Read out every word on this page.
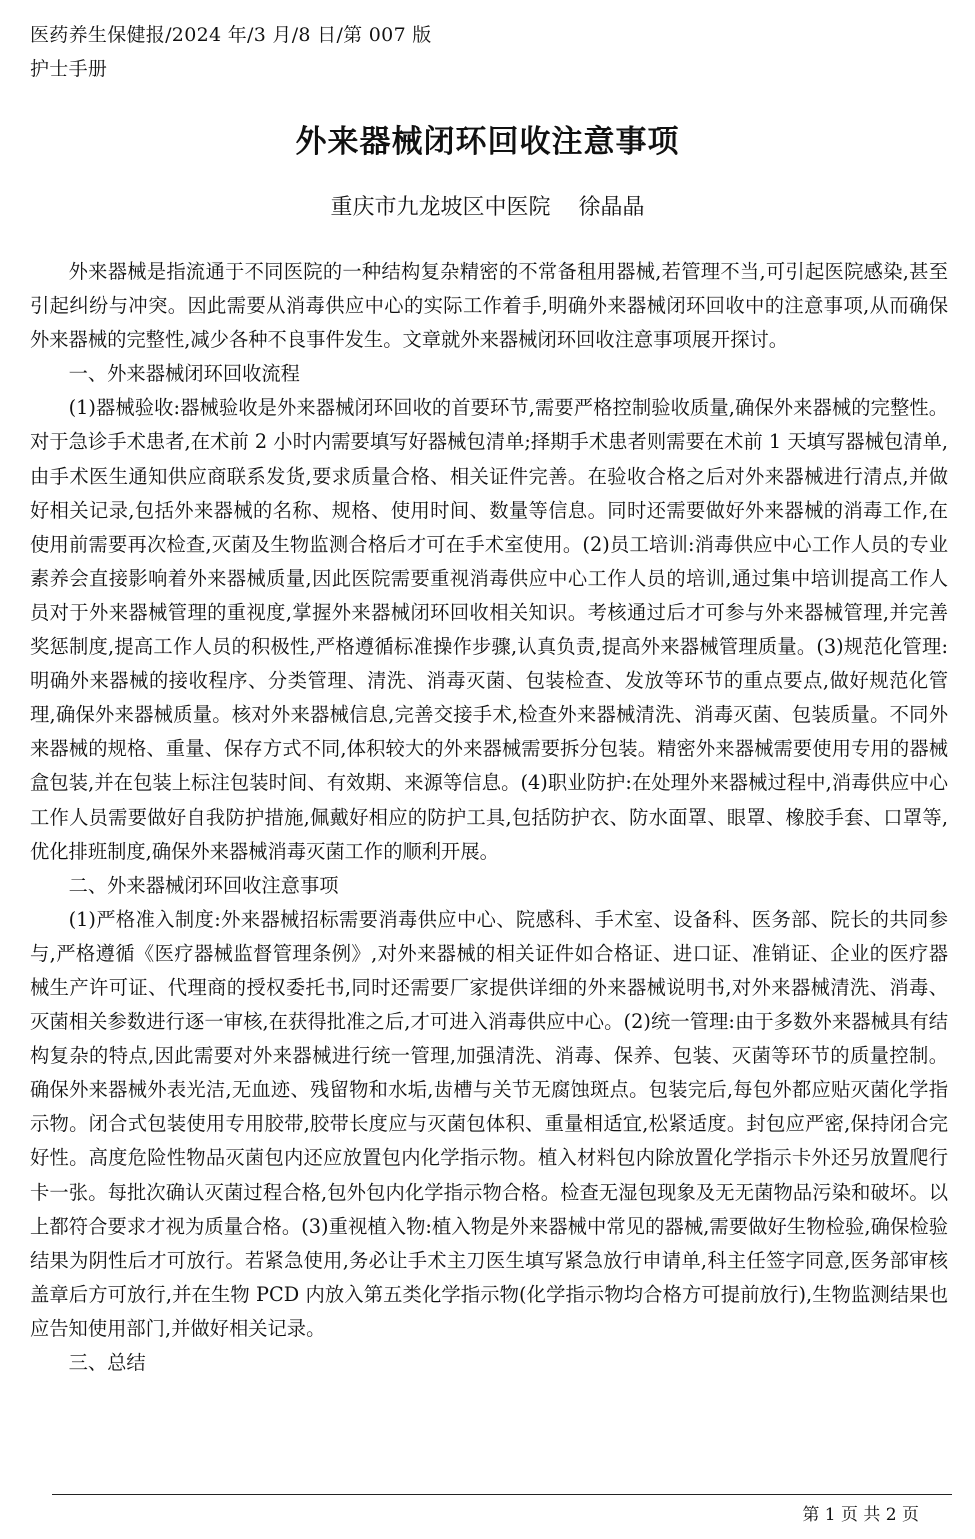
医药养生保健报/2024 年/3 月/8 日/第 007 版
护士手册
外来器械闭环回收注意事项
重庆市九龙坡区中医院 徐晶晶

外来器械是指流通于不同医院的一种结构复杂精密的不常备租用器械,若管理不当,可引起医院感染,甚至引起纠纷与冲突。因此需要从消毒供应中心的实际工作着手,明确外来器械闭环回收中的注意事项,从而确保外来器械的完整性,减少各种不良事件发生。文章就外来器械闭环回收注意事项展开探讨。

一、外来器械闭环回收流程

(1)器械验收:器械验收是外来器械闭环回收的首要环节,需要严格控制验收质量,确保外来器械的完整性。对于急诊手术患者,在术前 2 小时内需要填写好器械包清单;择期手术患者则需要在术前 1 天填写器械包清单,由手术医生通知供应商联系发货,要求质量合格、相关证件完善。在验收合格之后对外来器械进行清点,并做好相关记录,包括外来器械的名称、规格、使用时间、数量等信息。同时还需要做好外来器械的消毒工作,在使用前需要再次检查,灭菌及生物监测合格后才可在手术室使用。(2)员工培训:消毒供应中心工作人员的专业素养会直接影响着外来器械质量,因此医院需要重视消毒供应中心工作人员的培训,通过集中培训提高工作人员对于外来器械管理的重视度,掌握外来器械闭环回收相关知识。考核通过后才可参与外来器械管理,并完善奖惩制度,提高工作人员的积极性,严格遵循标准操作步骤,认真负责,提高外来器械管理质量。(3)规范化管理:明确外来器械的接收程序、分类管理、清洗、消毒灭菌、包装检查、发放等环节的重点要点,做好规范化管理,确保外来器械质量。核对外来器械信息,完善交接手术,检查外来器械清洗、消毒灭菌、包装质量。不同外来器械的规格、重量、保存方式不同,体积较大的外来器械需要拆分包装。精密外来器械需要使用专用的器械盒包装,并在包装上标注包装时间、有效期、来源等信息。(4)职业防护:在处理外来器械过程中,消毒供应中心工作人员需要做好自我防护措施,佩戴好相应的防护工具,包括防护衣、防水面罩、眼罩、橡胶手套、口罩等,优化排班制度,确保外来器械消毒灭菌工作的顺利开展。

二、外来器械闭环回收注意事项

(1)严格准入制度:外来器械招标需要消毒供应中心、院感科、手术室、设备科、医务部、院长的共同参与,严格遵循《医疗器械监督管理条例》,对外来器械的相关证件如合格证、进口证、准销证、企业的医疗器械生产许可证、代理商的授权委托书,同时还需要厂家提供详细的外来器械说明书,对外来器械清洗、消毒、灭菌相关参数进行逐一审核,在获得批准之后,才可进入消毒供应中心。(2)统一管理:由于多数外来器械具有结构复杂的特点,因此需要对外来器械进行统一管理,加强清洗、消毒、保养、包装、灭菌等环节的质量控制。确保外来器械外表光洁,无血迹、残留物和水垢,齿槽与关节无腐蚀斑点。包装完后,每包外都应贴灭菌化学指示物。闭合式包装使用专用胶带,胶带长度应与灭菌包体积、重量相适宜,松紧适度。封包应严密,保持闭合完好性。高度危险性物品灭菌包内还应放置包内化学指示物。植入材料包内除放置化学指示卡外还另放置爬行卡一张。每批次确认灭菌过程合格,包外包内化学指示物合格。检查无湿包现象及无无菌物品污染和破坏。以上都符合要求才视为质量合格。(3)重视植入物:植入物是外来器械中常见的器械,需要做好生物检验,确保检验结果为阴性后才可放行。若紧急使用,务必让手术主刀医生填写紧急放行申请单,科主任签字同意,医务部审核盖章后方可放行,并在生物 PCD 内放入第五类化学指示物(化学指示物均合格方可提前放行),生物监测结果也应告知使用部门,并做好相关记录。

三、总结

第 1 页 共 2 页
